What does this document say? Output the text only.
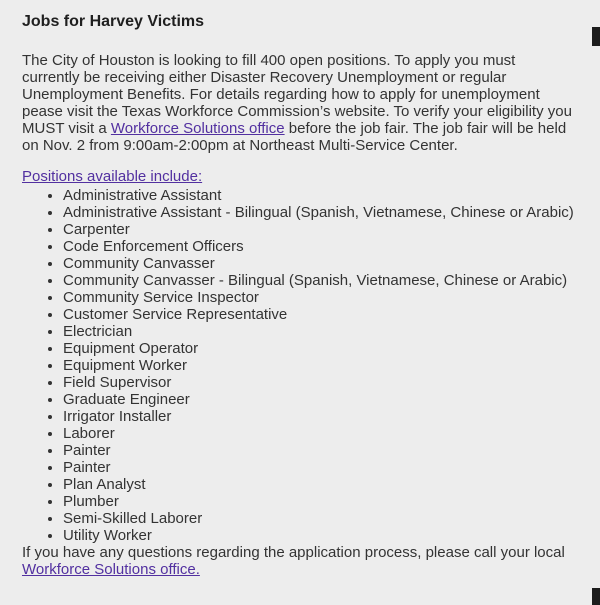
Jobs for Harvey Victims

The City of Houston is looking to fill 400 open positions. To apply you must currently be receiving either Disaster Recovery Unemployment or regular Unemployment Benefits. For details regarding how to apply for unemployment pease visit the Texas Workforce Commission’s website. To verify your eligibility you MUST visit a Workforce Solutions office before the job fair. The job fair will be held on Nov. 2 from 9:00am-2:00pm at Northeast Multi-Service Center.

Positions available include:

• Administrative Assistant
• Administrative Assistant - Bilingual (Spanish, Vietnamese, Chinese or Arabic)
• Carpenter
• Code Enforcement Officers
• Community Canvasser
• Community Canvasser - Bilingual (Spanish, Vietnamese, Chinese or Arabic)
• Community Service Inspector
• Customer Service Representative
• Electrician
• Equipment Operator
• Equipment Worker
• Field Supervisor
• Graduate Engineer
• Irrigator Installer
• Laborer
• Painter
• Painter
• Plan Analyst
• Plumber
• Semi-Skilled Laborer
• Utility Worker

If you have any questions regarding the application process, please call your local Workforce Solutions office.
